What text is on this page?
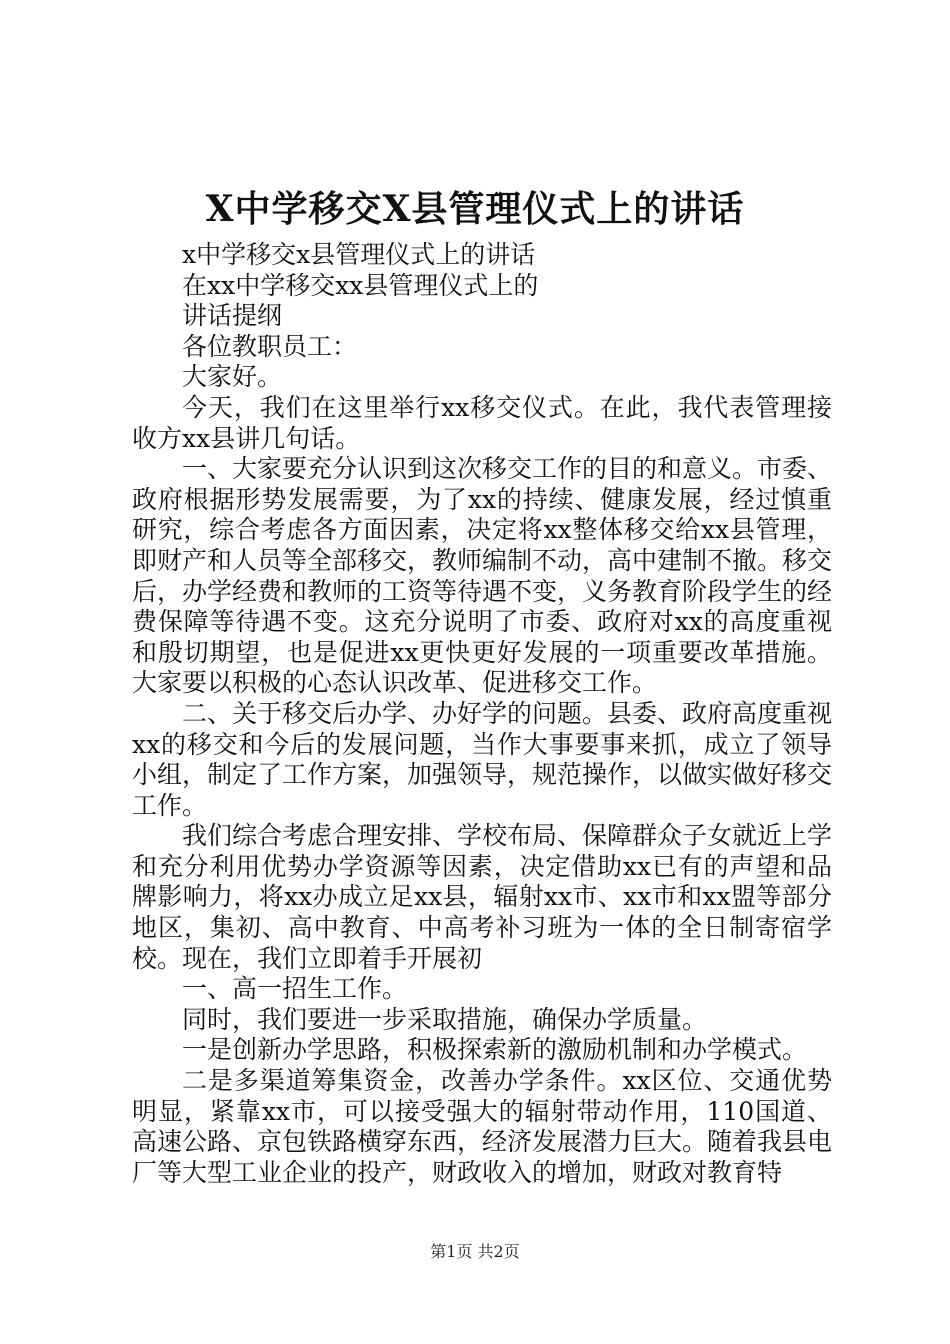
X中学移交X县管理仪式上的讲话

x中学移交x县管理仪式上的讲话

在xx中学移交xx县管理仪式上的

讲话提纲

各位教职员工：

大家好。

今天，我们在这里举行xx移交仪式。在此，我代表管理接收方xx县讲几句话。

一、大家要充分认识到这次移交工作的目的和意义。市委、政府根据形势发展需要，为了xx的持续、健康发展，经过慎重研究，综合考虑各方面因素，决定将xx整体移交给xx县管理，即财产和人员等全部移交，教师编制不动，高中建制不撤。移交后，办学经费和教师的工资等待遇不变，义务教育阶段学生的经费保障等待遇不变。这充分说明了市委、政府对xx的高度重视和殷切期望，也是促进xx更快更好发展的一项重要改革措施。大家要以积极的心态认识改革、促进移交工作。

二、关于移交后办学、办好学的问题。县委、政府高度重视xx的移交和今后的发展问题，当作大事要事来抓，成立了领导小组，制定了工作方案，加强领导，规范操作，以做实做好移交工作。

我们综合考虑合理安排、学校布局、保障群众子女就近上学和充分利用优势办学资源等因素，决定借助xx已有的声望和品牌影响力，将xx办成立足xx县，辐射xx市、xx市和xx盟等部分地区，集初、高中教育、中高考补习班为一体的全日制寄宿学校。现在，我们立即着手开展初

一、高一招生工作。

同时，我们要进一步采取措施，确保办学质量。

一是创新办学思路，积极探索新的激励机制和办学模式。

二是多渠道筹集资金，改善办学条件。xx区位、交通优势明显，紧靠xx市，可以接受强大的辐射带动作用，110国道、高速公路、京包铁路横穿东西，经济发展潜力巨大。随着我县电厂等大型工业企业的投产，财政收入的增加，财政对教育特

第1页 共2页
